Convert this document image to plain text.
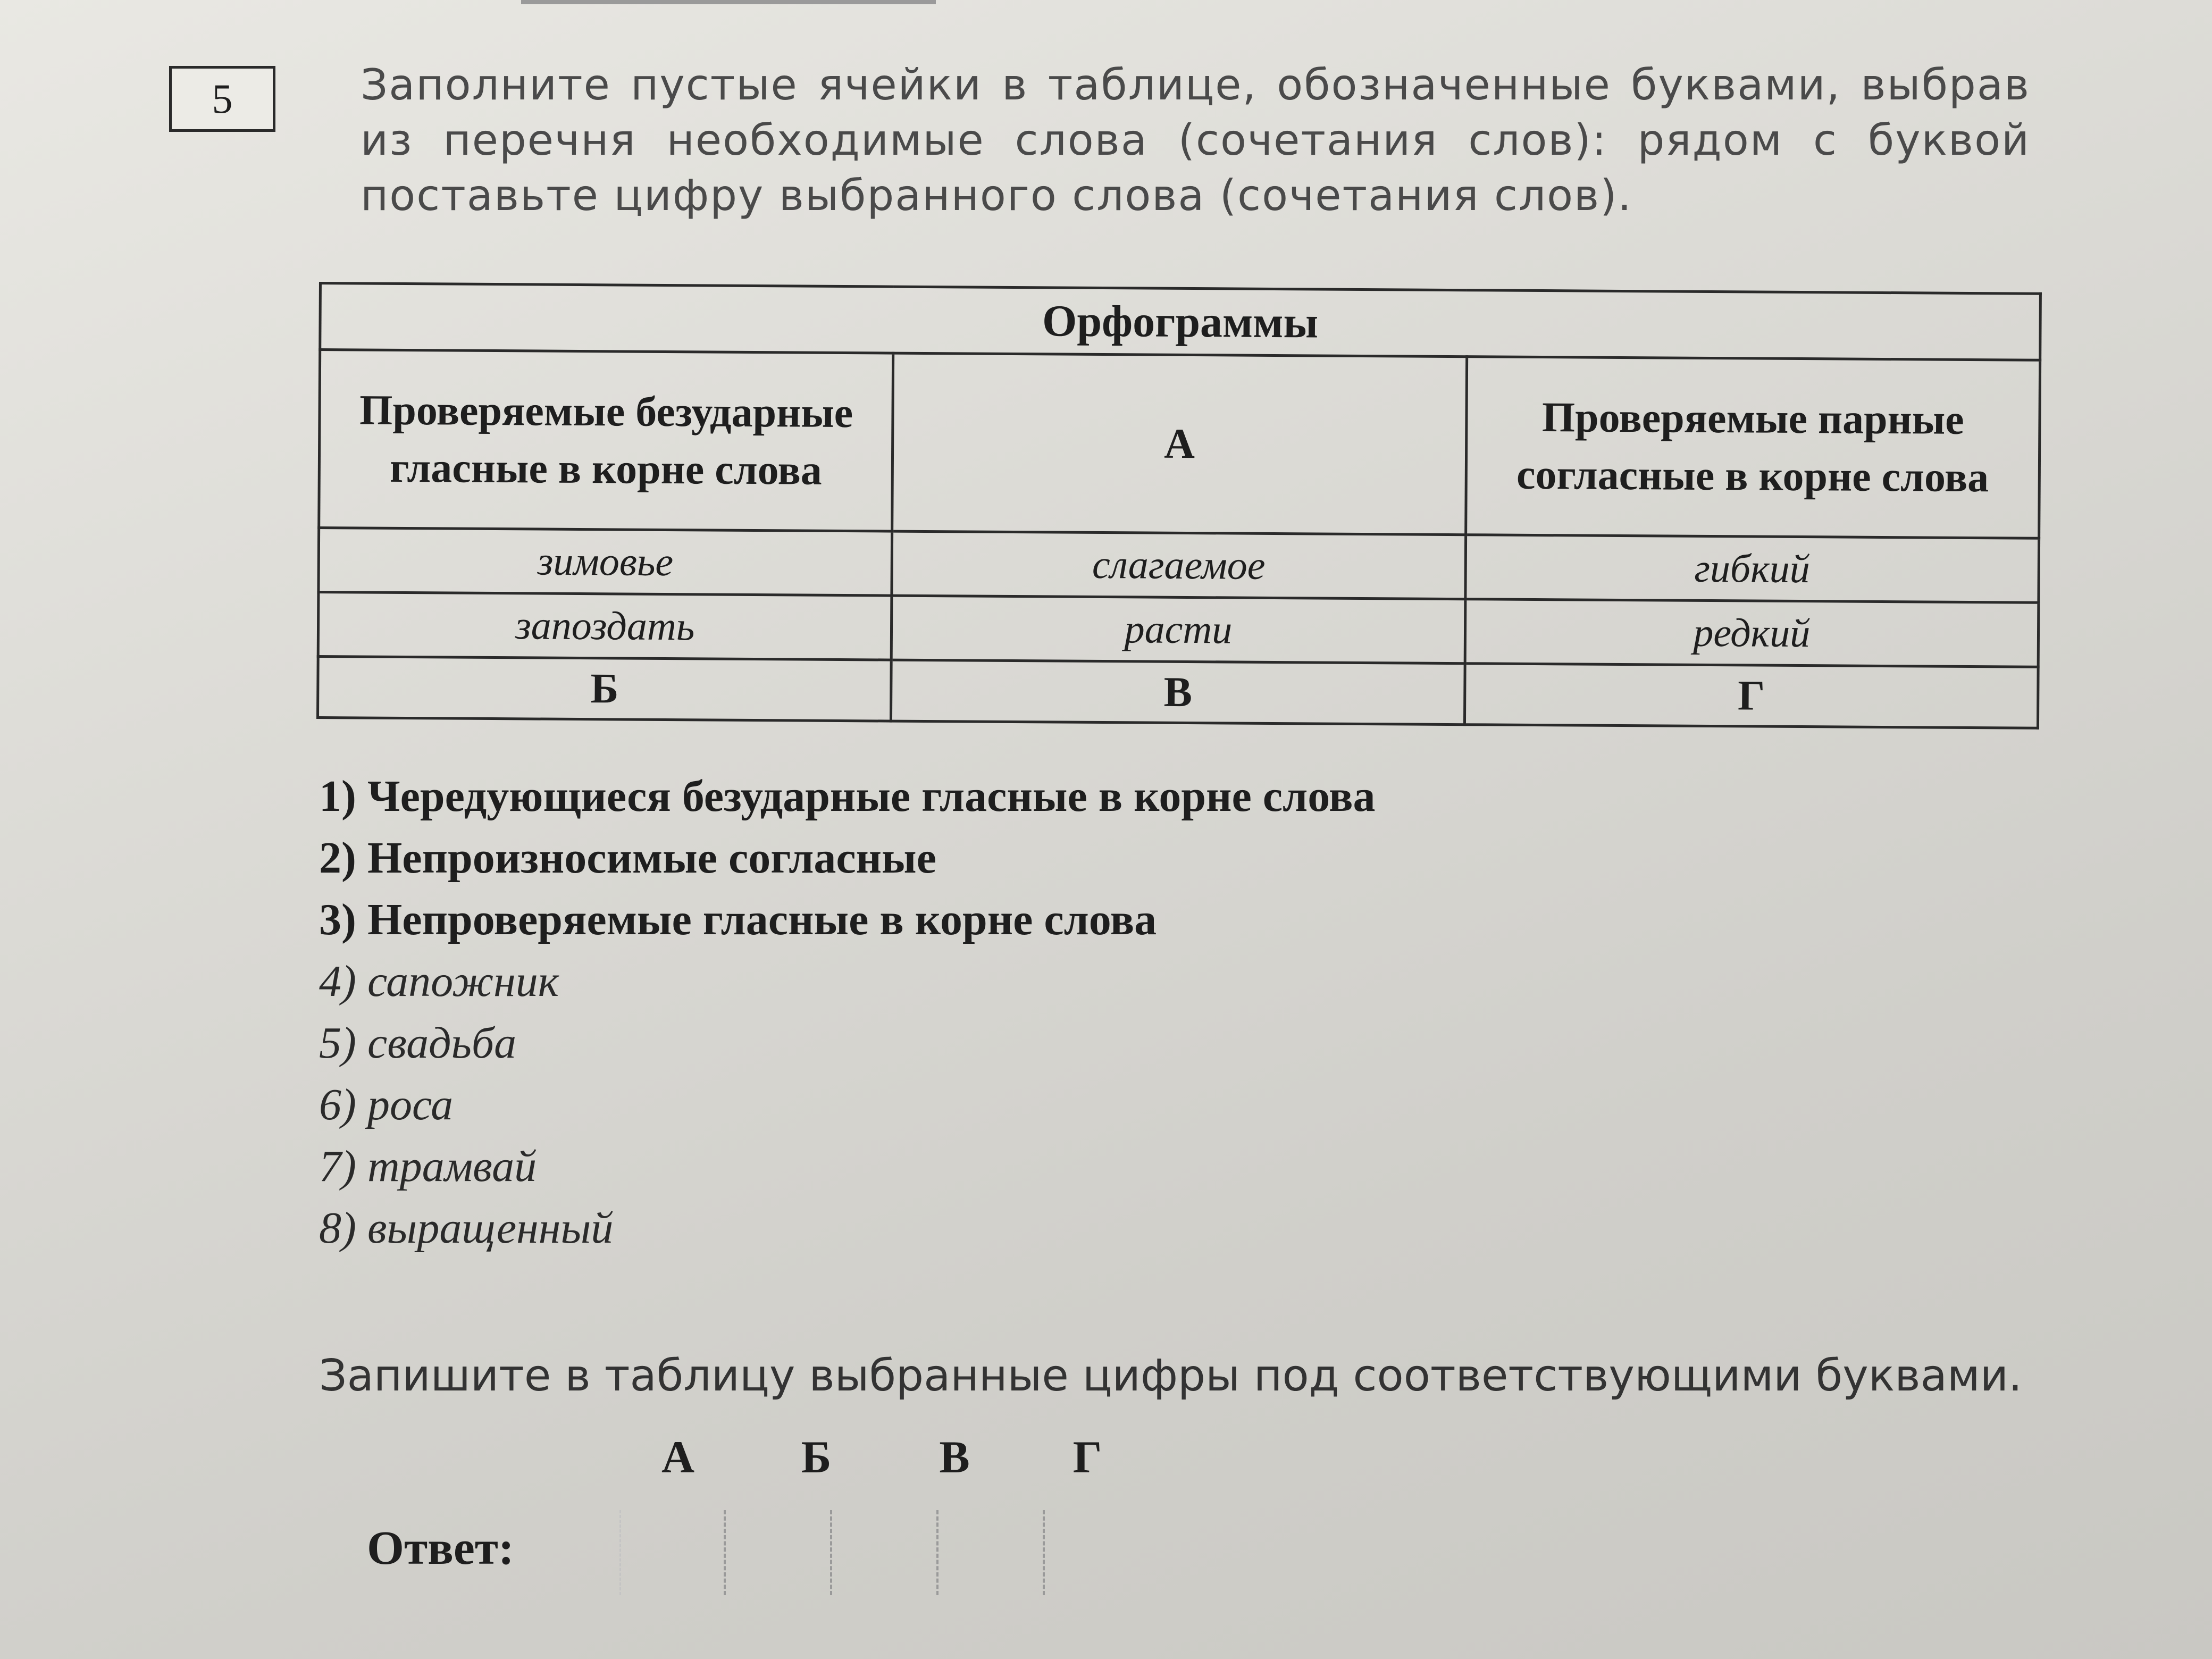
5	Заполните пустые ячейки в таблице, обозначенные буквами, выбрав из перечня необходимые слова (сочетания слов): рядом с буквой поставьте цифру выбранного слова (сочетания слов).

Орфограммы		
Проверяемые безударные гласные в корне слова	А	Проверяемые парные согласные в корне слова
зимовье	слагаемое	гибкий
запоздать	расти	редкий
Б	В	Г
1) Чередующиеся безударные гласные в корне слова
2) Непроизносимые согласные
3) Непроверяемые гласные в корне слова
4) сапожник
5) свадьба
6) роса
7) трамвай
8) выращенный

Запишите в таблицу выбранные цифры под соответствующими буквами.

А	Б	В	Г
Ответ:
